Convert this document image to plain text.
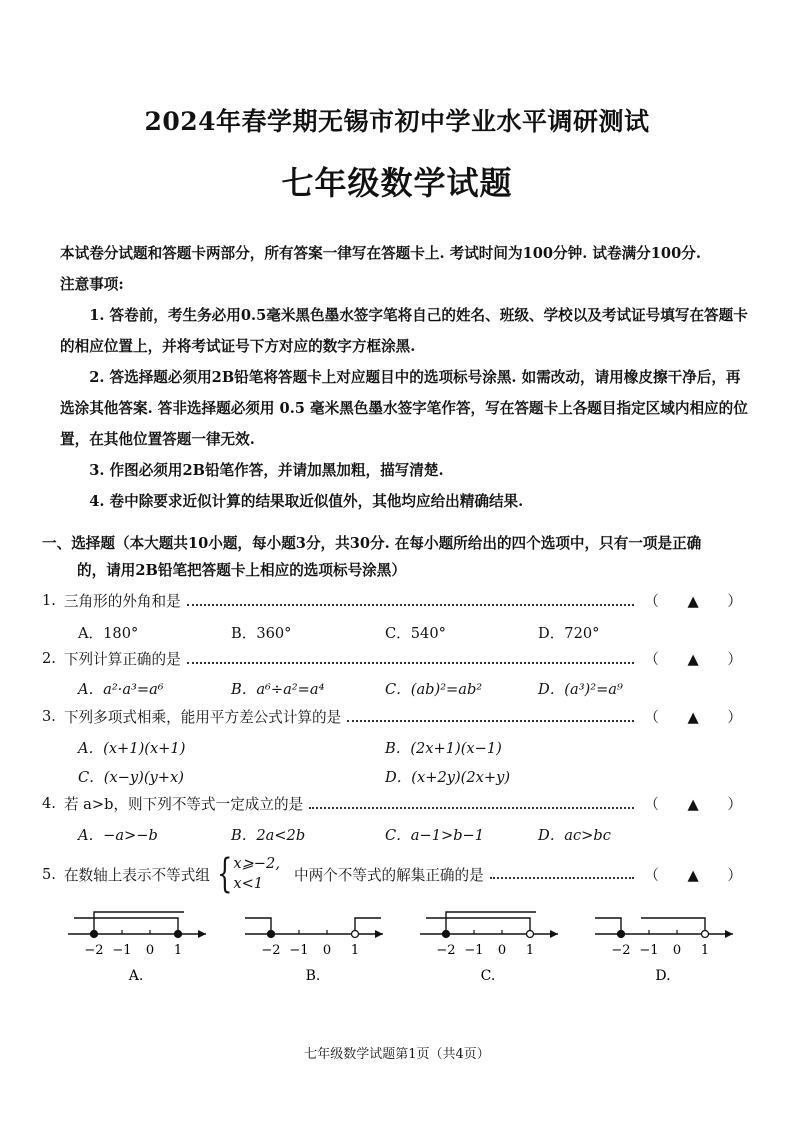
2024年春学期无锡市初中学业水平调研测试
七年级数学试题

本试卷分试题和答题卡两部分，所有答案一律写在答题卡上. 考试时间为100分钟. 试卷满分100分.

注意事项:

1. 答卷前，考生务必用0.5毫米黑色墨水签字笔将自己的姓名、班级、学校以及考试证号填写在答题卡的相应位置上，并将考试证号下方对应的数字方框涂黑.

2. 答选择题必须用2B铅笔将答题卡上对应题目中的选项标号涂黑. 如需改动，请用橡皮擦干净后，再选涂其他答案. 答非选择题必须用 0.5 毫米黑色墨水签字笔作答，写在答题卡上各题目指定区域内相应的位置，在其他位置答题一律无效.

3. 作图必须用2B铅笔作答，并请加黑加粗，描写清楚.

4. 卷中除要求近似计算的结果取近似值外，其他均应给出精确结果.

一、选择题（本大题共10小题，每小题3分，共30分. 在每小题所给出的四个选项中，只有一项是正确
的，请用2B铅笔把答题卡上相应的选项标号涂黑）
1. 三角形的外角和是	（ ▲ ）
A．180°	B．360°	C．540°	D．720°
2. 下列计算正确的是	（ ▲ ）
A．a²·a³=a⁶	B．a⁶÷a²=a⁴	C．(ab)²=ab²	D．(a³)²=a⁹
3. 下列多项式相乘，能用平方差公式计算的是	（ ▲ ）
A．(x+1)(x+1)	B．(2x+1)(x−1)
C．(x−y)(y+x)	D．(x+2y)(2x+y)
4. 若 a>b，则下列不等式一定成立的是	（ ▲ ）
A．−a>−b	B．2a<2b	C．a−1>b−1	D．ac>bc
5. 在数轴上表示不等式组 { x⩾−2,
x<1	中两个不等式的解集正确的是	（ ▲ ）
−2 −1 0 1
A.
−2 −1 0 1
B.
−2 −1 0 1
C.
−2 −1 0 1
D.
七年级数学试题第1页（共4页）
